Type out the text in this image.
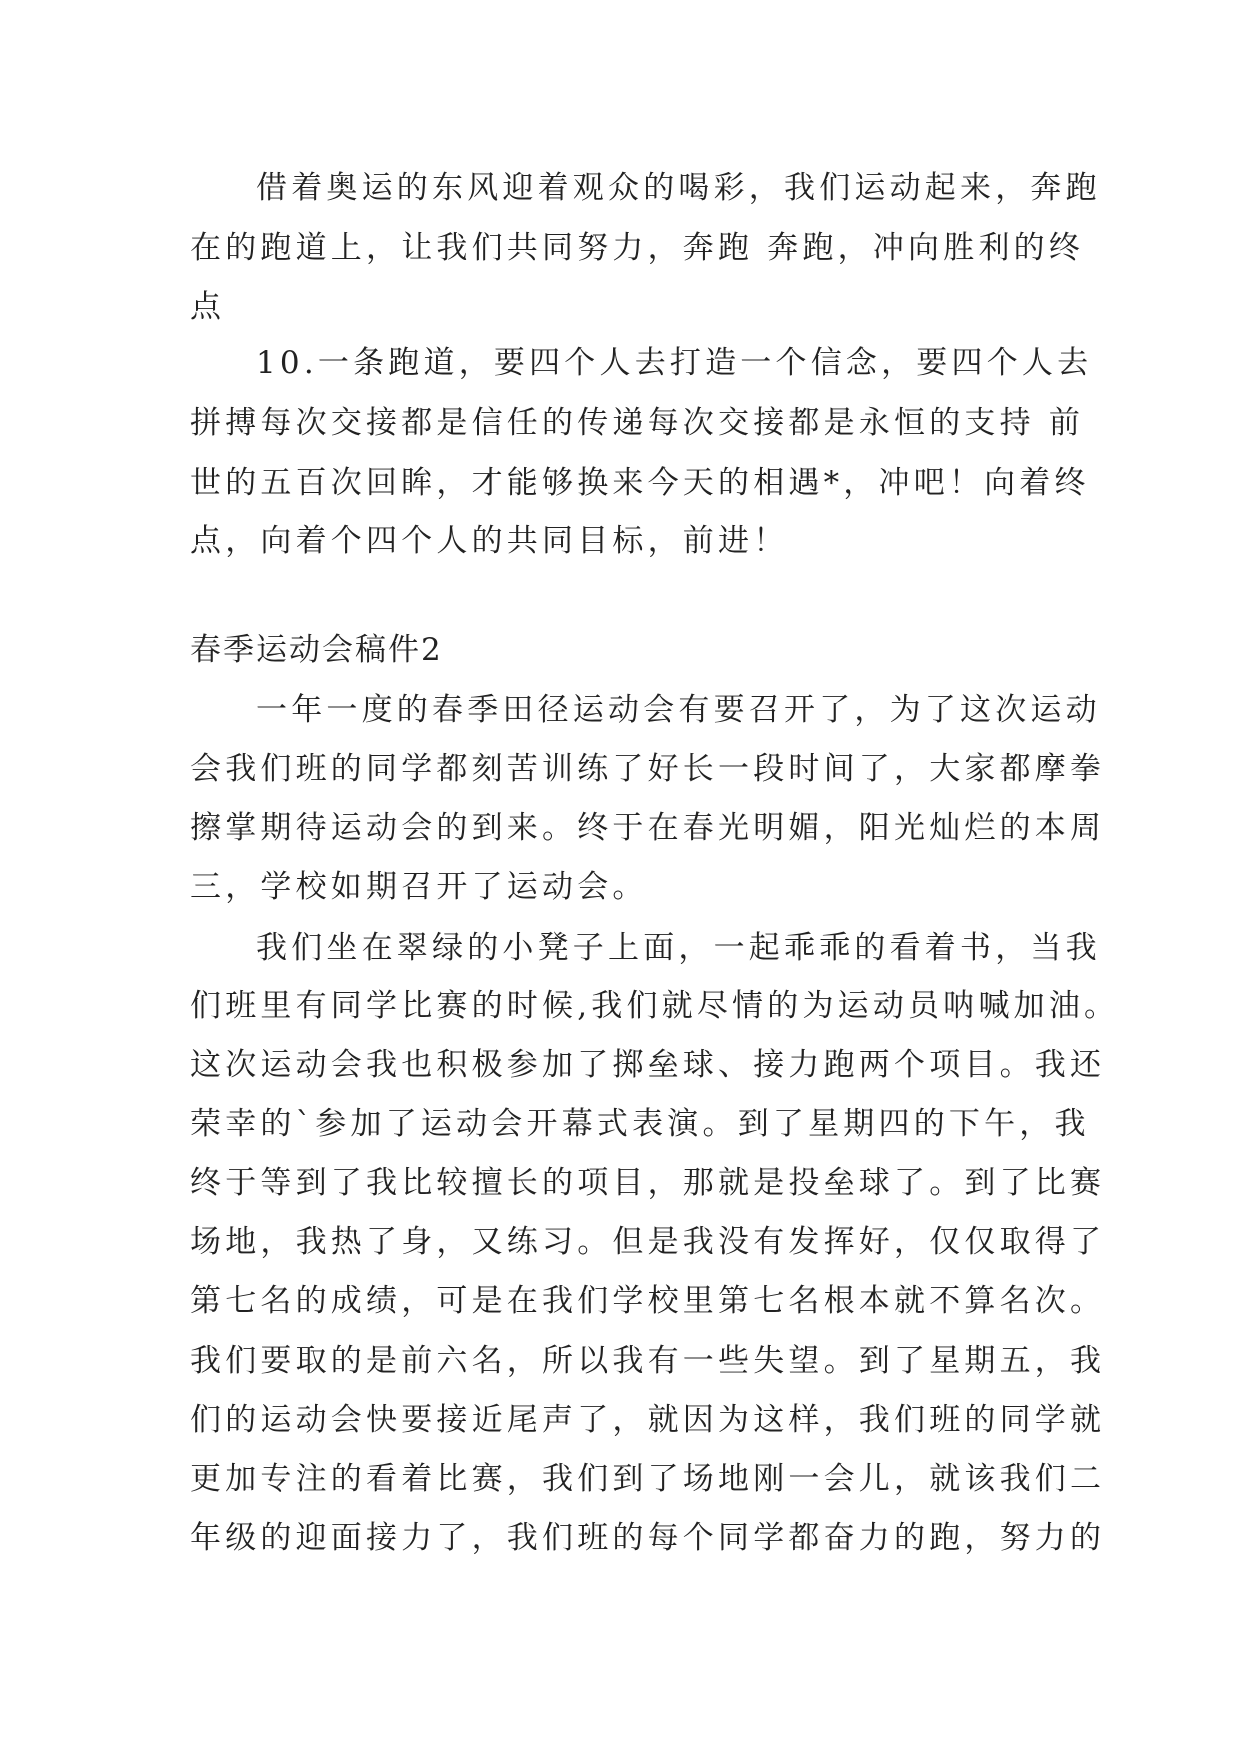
借着奥运的东风迎着观众的喝彩，我们运动起来，奔跑
在的跑道上，让我们共同努力，奔跑 奔跑，冲向胜利的终
点
10.一条跑道，要四个人去打造一个信念，要四个人去
拼搏每次交接都是信任的传递每次交接都是永恒的支持 前
世的五百次回眸，才能够换来今天的相遇*，冲吧！向着终
点，向着个四个人的共同目标，前进！
春季运动会稿件2
一年一度的春季田径运动会有要召开了，为了这次运动
会我们班的同学都刻苦训练了好长一段时间了，大家都摩拳
擦掌期待运动会的到来。终于在春光明媚，阳光灿烂的本周
三，学校如期召开了运动会。
我们坐在翠绿的小凳子上面，一起乖乖的看着书，当我
们班里有同学比赛的时候,我们就尽情的为运动员呐喊加油。
这次运动会我也积极参加了掷垒球、接力跑两个项目。我还
荣幸的`参加了运动会开幕式表演。到了星期四的下午，我
终于等到了我比较擅长的项目，那就是投垒球了。到了比赛
场地，我热了身，又练习。但是我没有发挥好，仅仅取得了
第七名的成绩，可是在我们学校里第七名根本就不算名次。
我们要取的是前六名，所以我有一些失望。到了星期五，我
们的运动会快要接近尾声了，就因为这样，我们班的同学就
更加专注的看着比赛，我们到了场地刚一会儿，就该我们二
年级的迎面接力了，我们班的每个同学都奋力的跑，努力的
